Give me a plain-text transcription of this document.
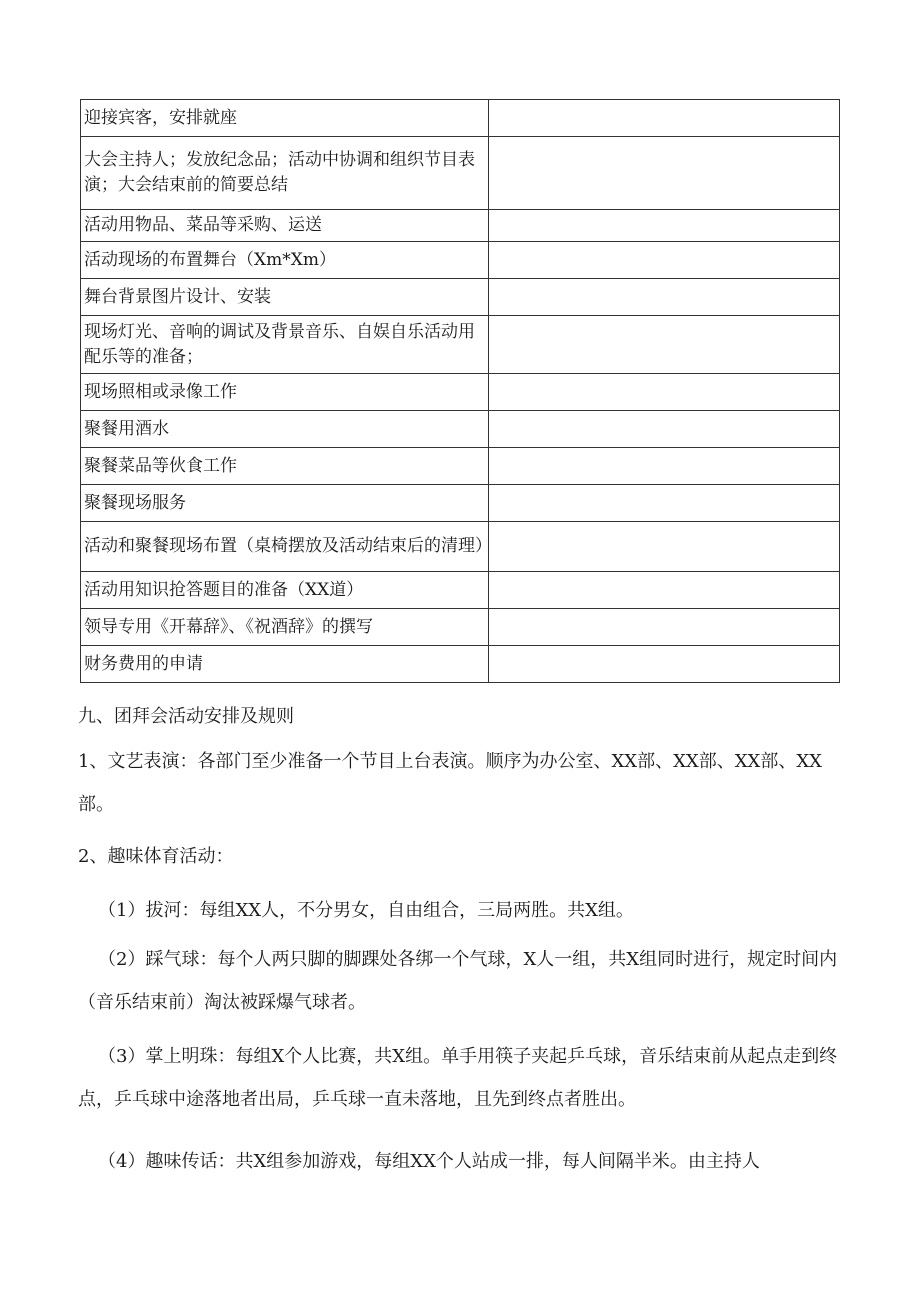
迎接宾客，安排就座	
大会主持人；发放纪念品；活动中协调和组织节目表演；大会结束前的简要总结	
活动用物品、菜品等采购、运送	
活动现场的布置舞台（Xm*Xm）	
舞台背景图片设计、安装	
现场灯光、音响的调试及背景音乐、自娱自乐活动用配乐等的准备；	
现场照相或录像工作	
聚餐用酒水	
聚餐菜品等伙食工作	
聚餐现场服务	
活动和聚餐现场布置（桌椅摆放及活动结束后的清理）	
活动用知识抢答题目的准备（XX道）	
领导专用《开幕辞》、《祝酒辞》的撰写	
财务费用的申请	

九、团拜会活动安排及规则

1、文艺表演：各部门至少准备一个节目上台表演。顺序为办公室、XX部、XX部、XX部、XX部。

2、趣味体育活动：

（1）拔河：每组XX人，不分男女，自由组合，三局两胜。共X组。

（2）踩气球：每个人两只脚的脚踝处各绑一个气球，X人一组，共X组同时进行，规定时间内（音乐结束前）淘汰被踩爆气球者。

（3）掌上明珠：每组X个人比赛，共X组。单手用筷子夹起乒乓球，音乐结束前从起点走到终点，乒乓球中途落地者出局，乒乓球一直未落地，且先到终点者胜出。

（4）趣味传话：共X组参加游戏，每组XX个人站成一排，每人间隔半米。由主持人
